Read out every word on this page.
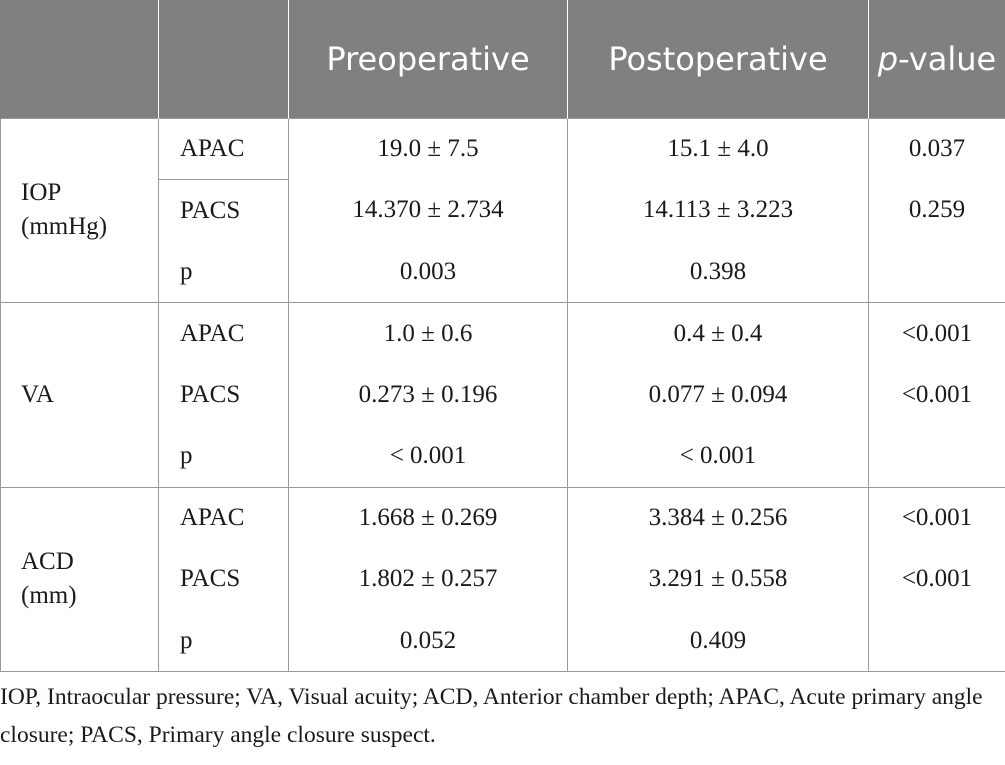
		Preoperative	Postoperative	p-value
IOP
(mmHg)	APAC	19.0 ± 7.5	15.1 ± 4.0	0.037
	PACS	14.370 ± 2.734	14.113 ± 3.223	0.259
	p	0.003	0.398	
VA	APAC	1.0 ± 0.6	0.4 ± 0.4	<0.001
	PACS	0.273 ± 0.196	0.077 ± 0.094	<0.001
	p	< 0.001	< 0.001	
ACD
(mm)	APAC	1.668 ± 0.269	3.384 ± 0.256	<0.001
	PACS	1.802 ± 0.257	3.291 ± 0.558	<0.001
	p	0.052	0.409	
IOP, Intraocular pressure; VA, Visual acuity; ACD, Anterior chamber depth; APAC, Acute primary angle closure; PACS, Primary angle closure suspect.
